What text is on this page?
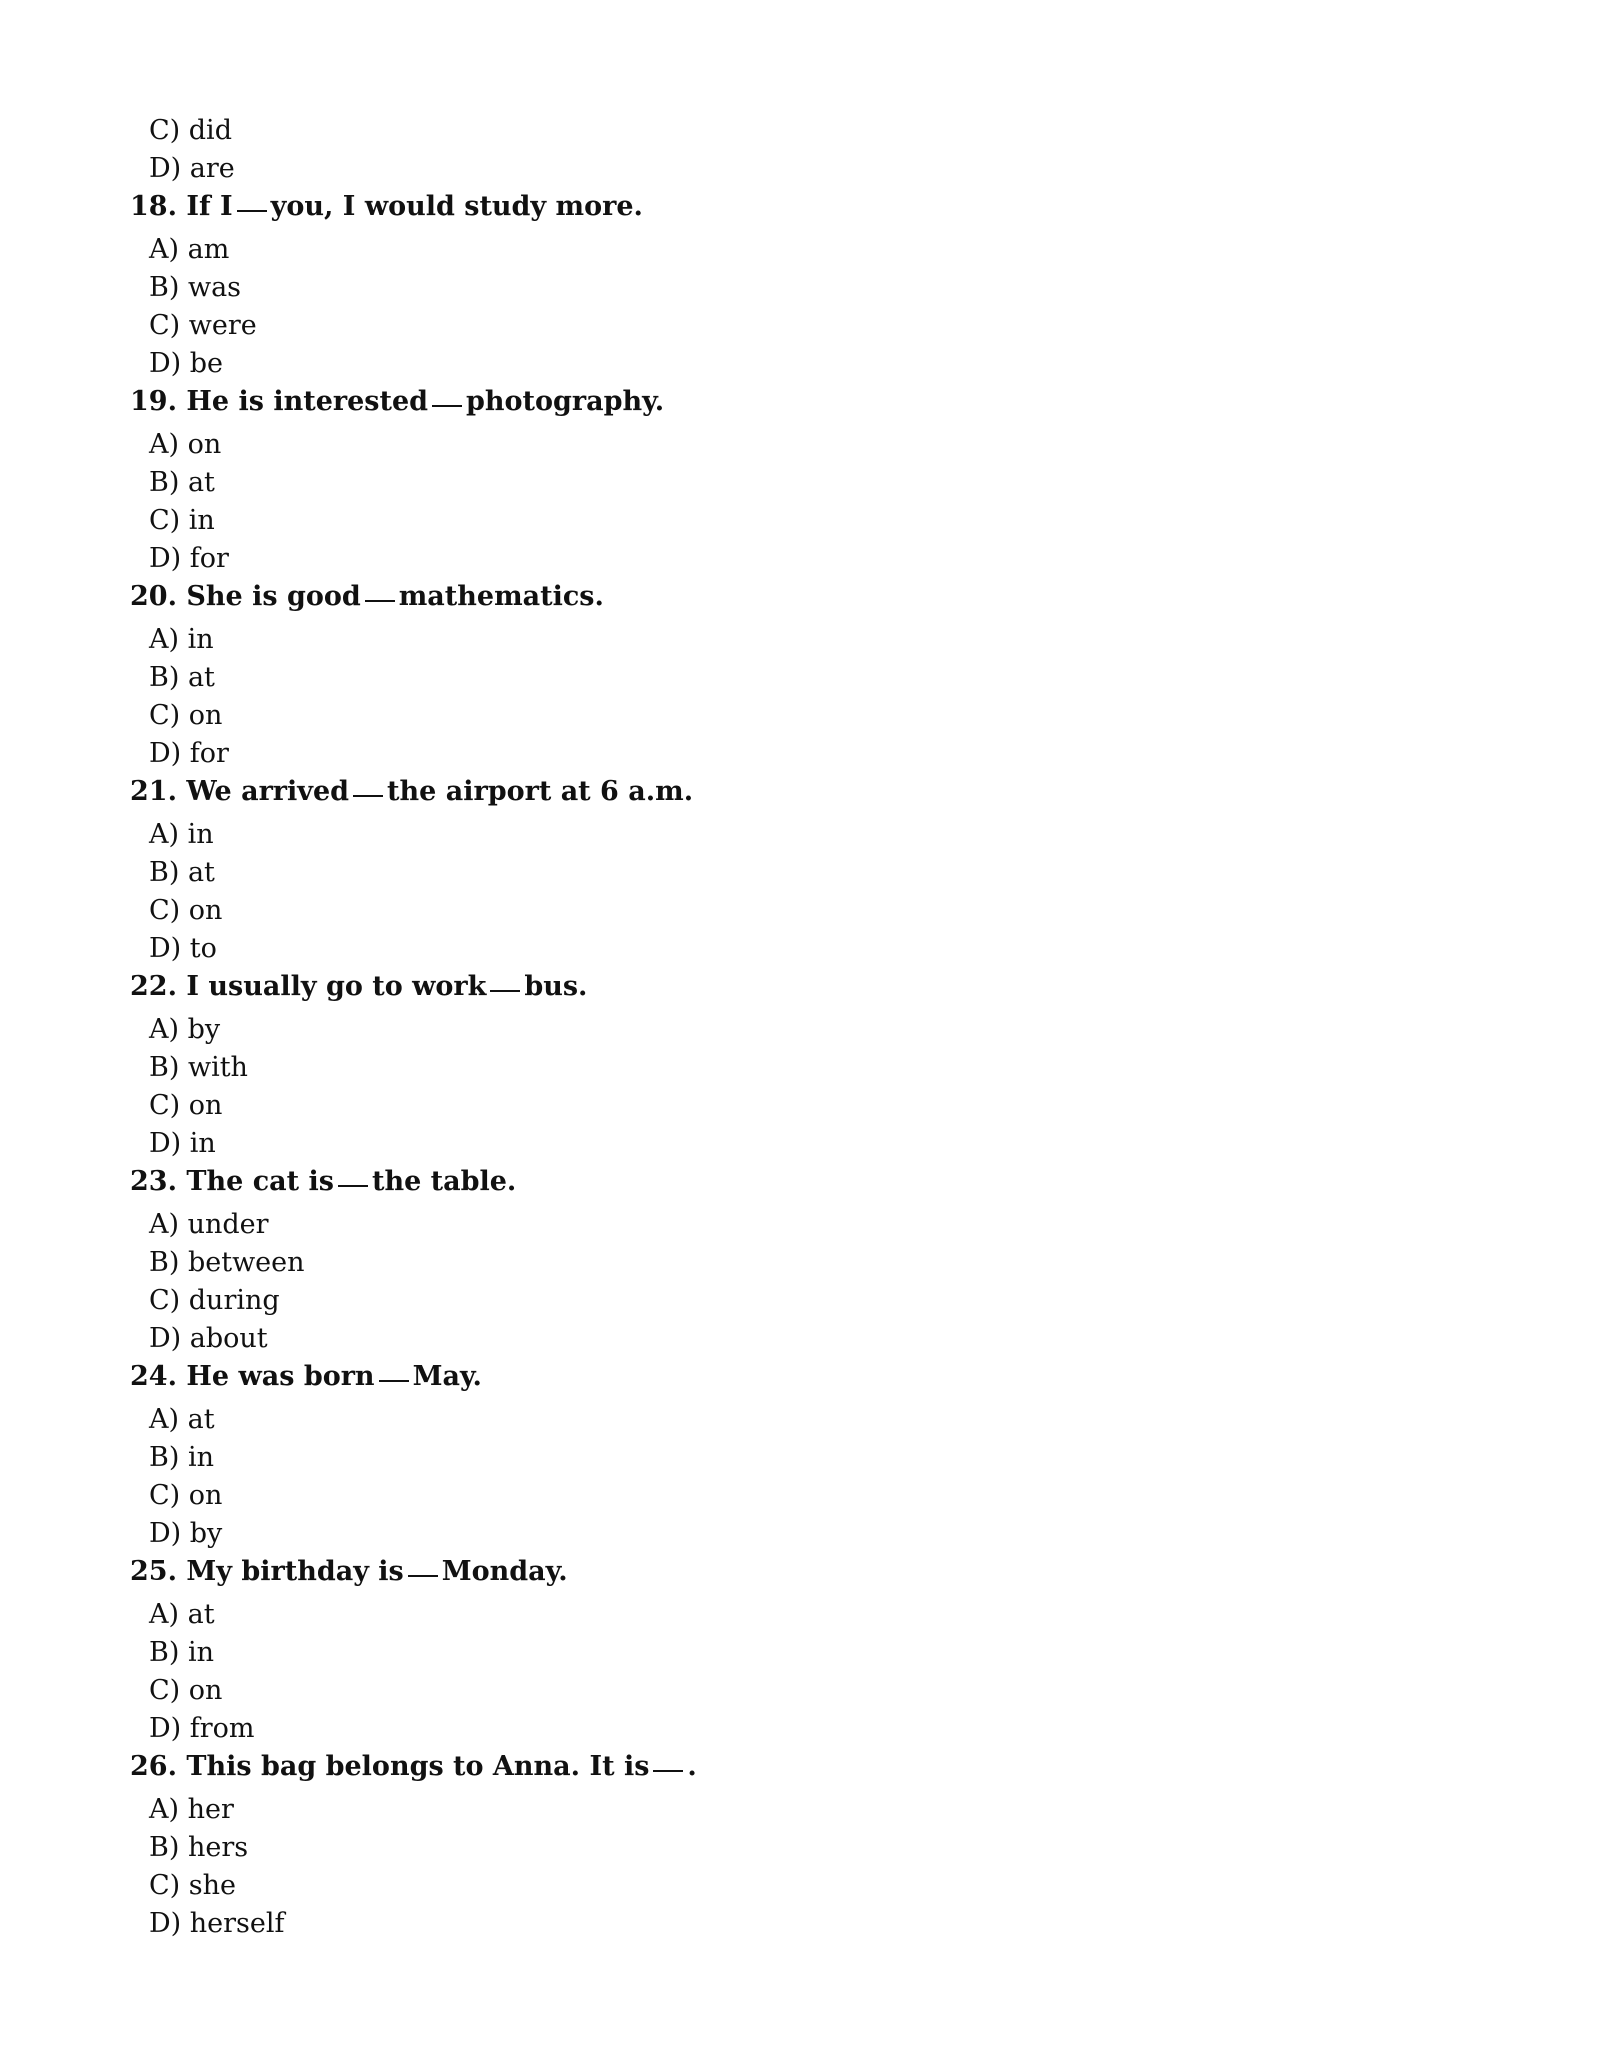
C) did
D) are
18. If I you, I would study more.
A) am
B) was
C) were
D) be
19. He is interested photography.
A) on
B) at
C) in
D) for
20. She is good mathematics.
A) in
B) at
C) on
D) for
21. We arrived the airport at 6 a.m.
A) in
B) at
C) on
D) to
22. I usually go to work bus.
A) by
B) with
C) on
D) in
23. The cat is the table.
A) under
B) between
C) during
D) about
24. He was born May.
A) at
B) in
C) on
D) by
25. My birthday is Monday.
A) at
B) in
C) on
D) from
26. This bag belongs to Anna. It is .
A) her
B) hers
C) she
D) herself
